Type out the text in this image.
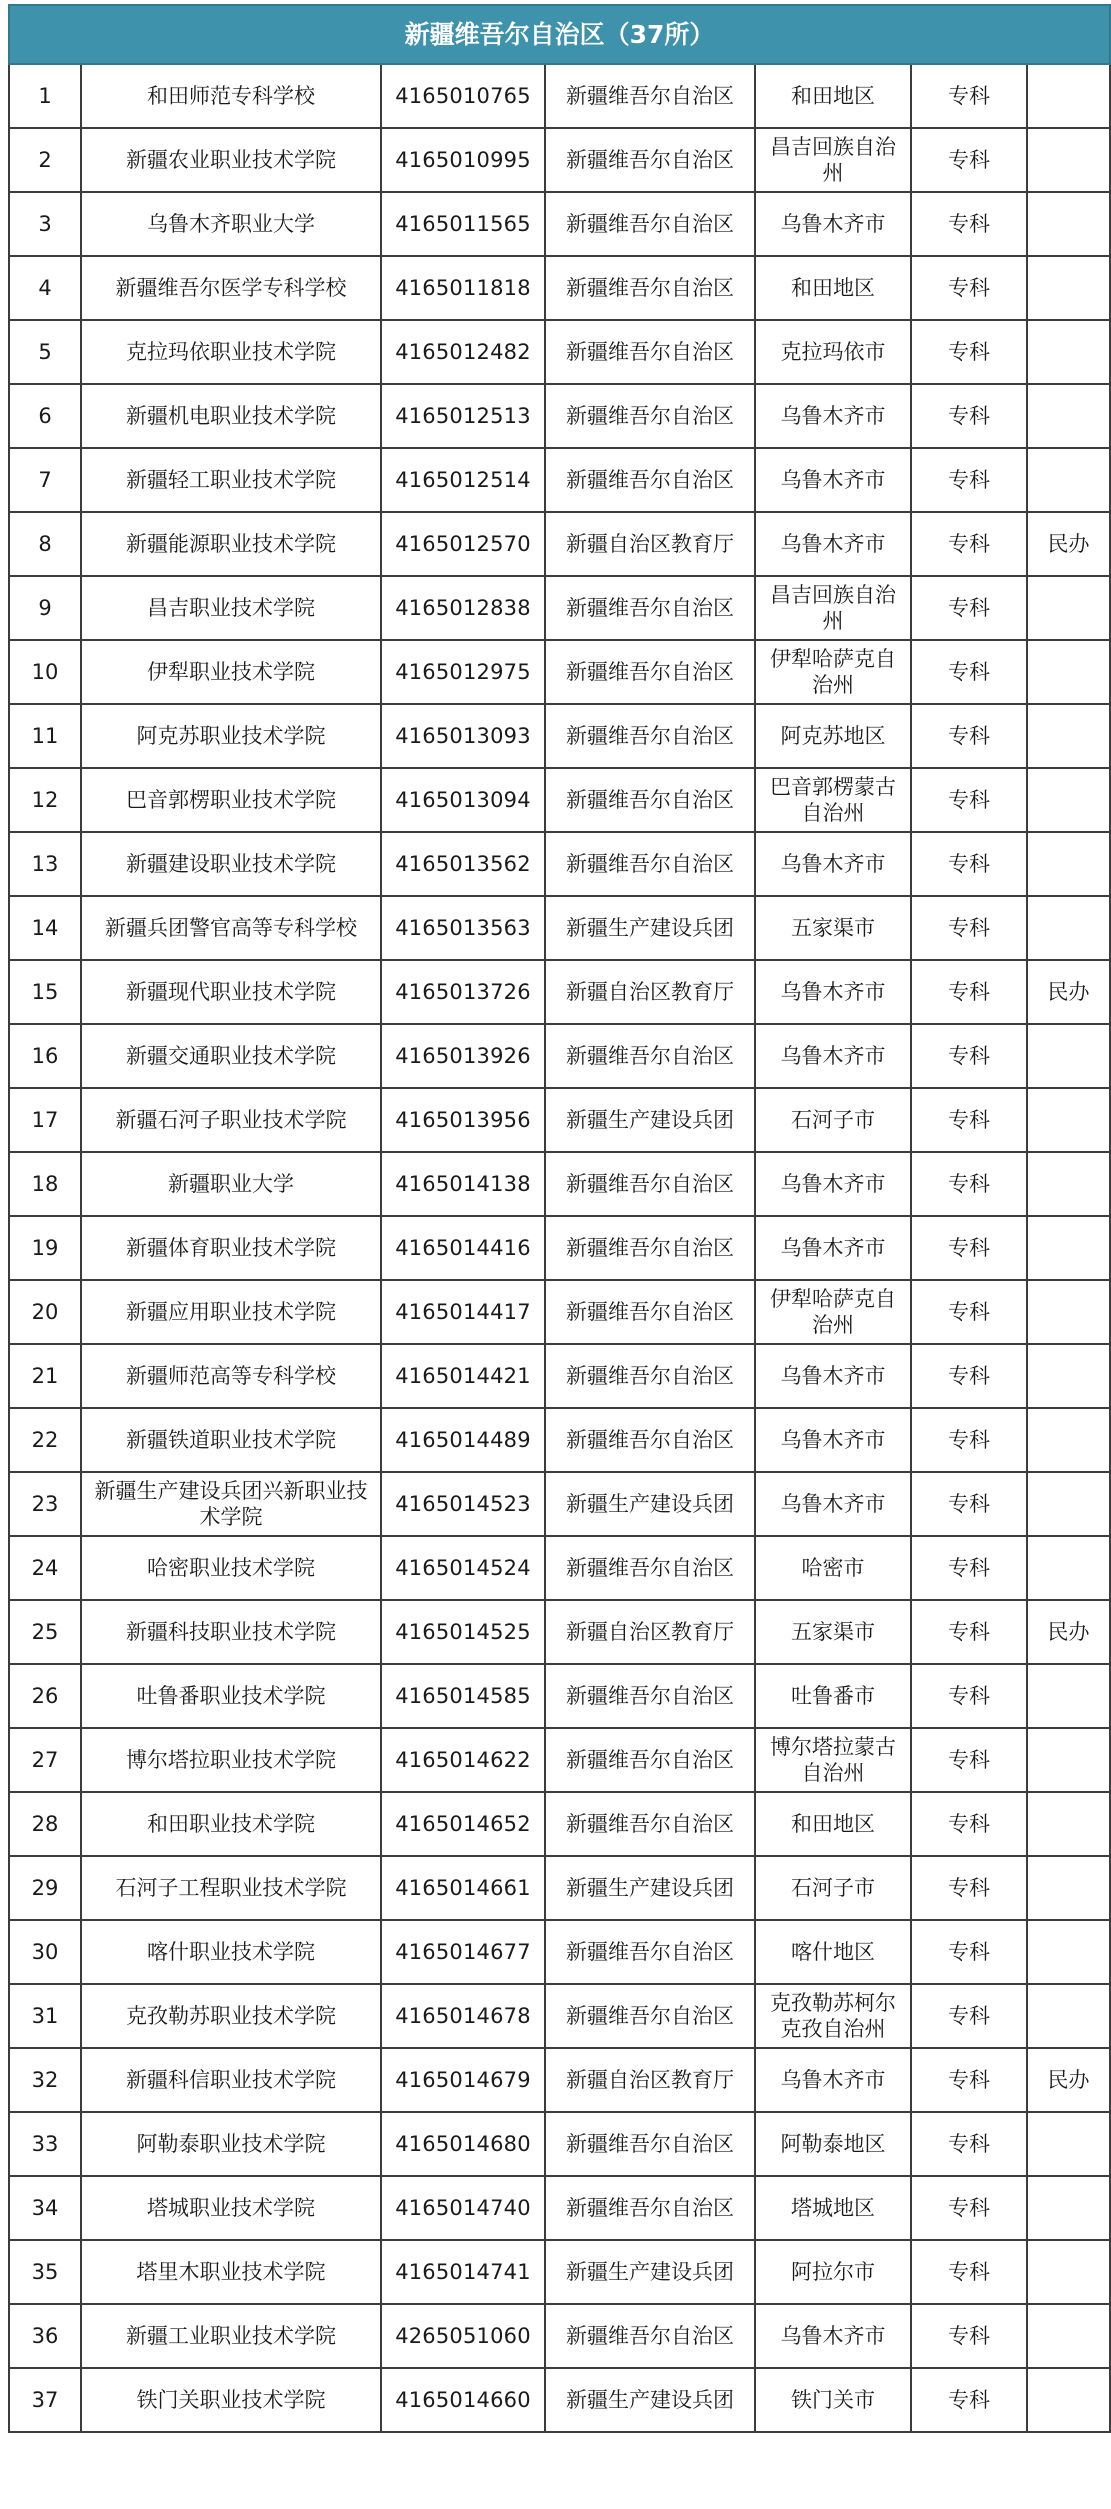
新疆维吾尔自治区（37所）						
1	和田师范专科学校	4165010765	新疆维吾尔自治区	和田地区	专科	
2	新疆农业职业技术学院	4165010995	新疆维吾尔自治区	昌吉回族自治州	专科	
3	乌鲁木齐职业大学	4165011565	新疆维吾尔自治区	乌鲁木齐市	专科	
4	新疆维吾尔医学专科学校	4165011818	新疆维吾尔自治区	和田地区	专科	
5	克拉玛依职业技术学院	4165012482	新疆维吾尔自治区	克拉玛依市	专科	
6	新疆机电职业技术学院	4165012513	新疆维吾尔自治区	乌鲁木齐市	专科	
7	新疆轻工职业技术学院	4165012514	新疆维吾尔自治区	乌鲁木齐市	专科	
8	新疆能源职业技术学院	4165012570	新疆自治区教育厅	乌鲁木齐市	专科	民办
9	昌吉职业技术学院	4165012838	新疆维吾尔自治区	昌吉回族自治州	专科	
10	伊犁职业技术学院	4165012975	新疆维吾尔自治区	伊犁哈萨克自治州	专科	
11	阿克苏职业技术学院	4165013093	新疆维吾尔自治区	阿克苏地区	专科	
12	巴音郭楞职业技术学院	4165013094	新疆维吾尔自治区	巴音郭楞蒙古自治州	专科	
13	新疆建设职业技术学院	4165013562	新疆维吾尔自治区	乌鲁木齐市	专科	
14	新疆兵团警官高等专科学校	4165013563	新疆生产建设兵团	五家渠市	专科	
15	新疆现代职业技术学院	4165013726	新疆自治区教育厅	乌鲁木齐市	专科	民办
16	新疆交通职业技术学院	4165013926	新疆维吾尔自治区	乌鲁木齐市	专科	
17	新疆石河子职业技术学院	4165013956	新疆生产建设兵团	石河子市	专科	
18	新疆职业大学	4165014138	新疆维吾尔自治区	乌鲁木齐市	专科	
19	新疆体育职业技术学院	4165014416	新疆维吾尔自治区	乌鲁木齐市	专科	
20	新疆应用职业技术学院	4165014417	新疆维吾尔自治区	伊犁哈萨克自治州	专科	
21	新疆师范高等专科学校	4165014421	新疆维吾尔自治区	乌鲁木齐市	专科	
22	新疆铁道职业技术学院	4165014489	新疆维吾尔自治区	乌鲁木齐市	专科	
23	新疆生产建设兵团兴新职业技术学院	4165014523	新疆生产建设兵团	乌鲁木齐市	专科	
24	哈密职业技术学院	4165014524	新疆维吾尔自治区	哈密市	专科	
25	新疆科技职业技术学院	4165014525	新疆自治区教育厅	五家渠市	专科	民办
26	吐鲁番职业技术学院	4165014585	新疆维吾尔自治区	吐鲁番市	专科	
27	博尔塔拉职业技术学院	4165014622	新疆维吾尔自治区	博尔塔拉蒙古自治州	专科	
28	和田职业技术学院	4165014652	新疆维吾尔自治区	和田地区	专科	
29	石河子工程职业技术学院	4165014661	新疆生产建设兵团	石河子市	专科	
30	喀什职业技术学院	4165014677	新疆维吾尔自治区	喀什地区	专科	
31	克孜勒苏职业技术学院	4165014678	新疆维吾尔自治区	克孜勒苏柯尔克孜自治州	专科	
32	新疆科信职业技术学院	4165014679	新疆自治区教育厅	乌鲁木齐市	专科	民办
33	阿勒泰职业技术学院	4165014680	新疆维吾尔自治区	阿勒泰地区	专科	
34	塔城职业技术学院	4165014740	新疆维吾尔自治区	塔城地区	专科	
35	塔里木职业技术学院	4165014741	新疆生产建设兵团	阿拉尔市	专科	
36	新疆工业职业技术学院	4265051060	新疆维吾尔自治区	乌鲁木齐市	专科	
37	铁门关职业技术学院	4165014660	新疆生产建设兵团	铁门关市	专科	
